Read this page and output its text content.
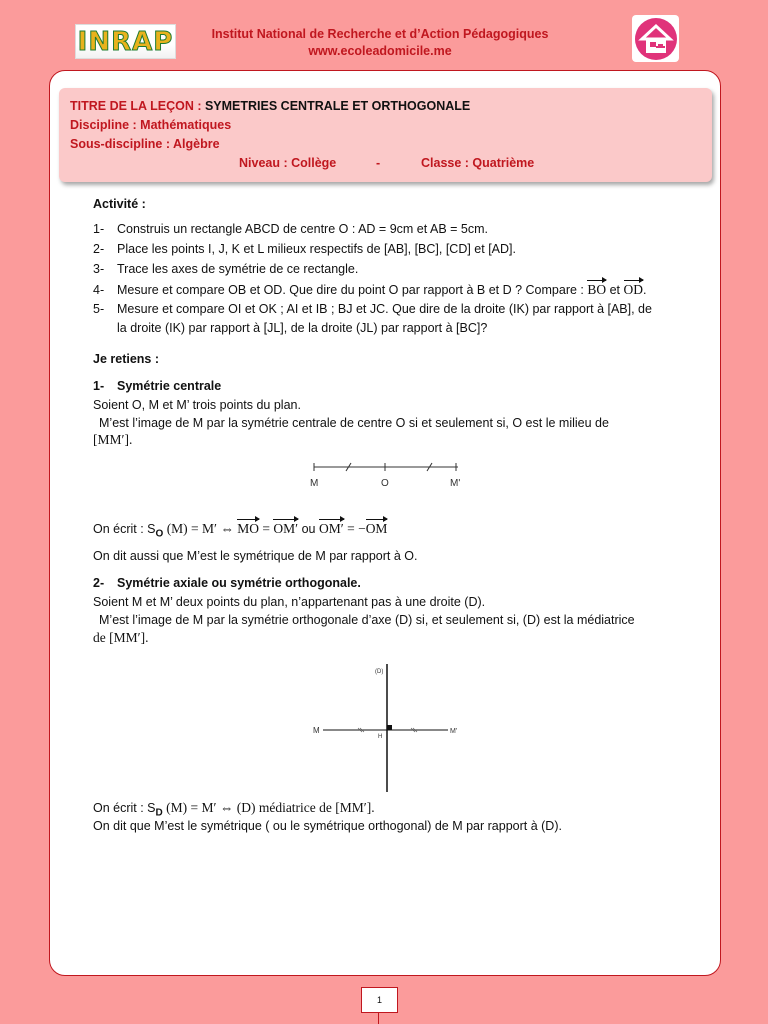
INRAP	Institut National de Recherche et d’Action Pédagogiques
www.ecoleadomicile.me
TITRE DE LA LEÇON : SYMETRIES CENTRALE ET ORTHOGONALE
Discipline : Mathématiques
Sous-discipline : Algèbre
Niveau : Collège	-	Classe : Quatrième
Activité :
1- Construis un rectangle ABCD de centre O : AD = 9cm et AB = 5cm.
2- Place les points I, J, K et L milieux respectifs de [AB], [BC], [CD] et [AD].
3- Trace les axes de symétrie de ce rectangle.
4- Mesure et compare OB et OD. Que dire du point O par rapport à B et D ? Compare : BO et OD.
5- Mesure et compare OI et OK ; AI et IB ; BJ et JC. Que dire de la droite (IK) par rapport à [AB], de
la droite (IK) par rapport à [JL], de la droite (JL) par rapport à [BC]?
Je retiens :
1- Symétrie centrale
Soient O, M et M’ trois points du plan.
M’est l’image de M par la symétrie centrale de centre O si et seulement si, O est le milieu de
[MM′].
On écrit : $S_O$ (M) = M′ ⇔ MO = OM′ ou OM′ = −OM
On dit aussi que M’est le symétrique de M par rapport à O.
2- Symétrie axiale ou symétrie orthogonale.
Soient M et M’ deux points du plan, n’appartenant pas à une droite (D).
M’est l’image de M par la symétrie orthogonale d’axe (D) si, et seulement si, (D) est la médiatrice
de [MM′].
On écrit : $S_D$ (M) = M′ ⇔ (D) médiatrice de [MM′].
On dit que M’est le symétrique ( ou le symétrique orthogonal) de M par rapport à (D).
M	O	M'
(D)
M
H
M'
1
